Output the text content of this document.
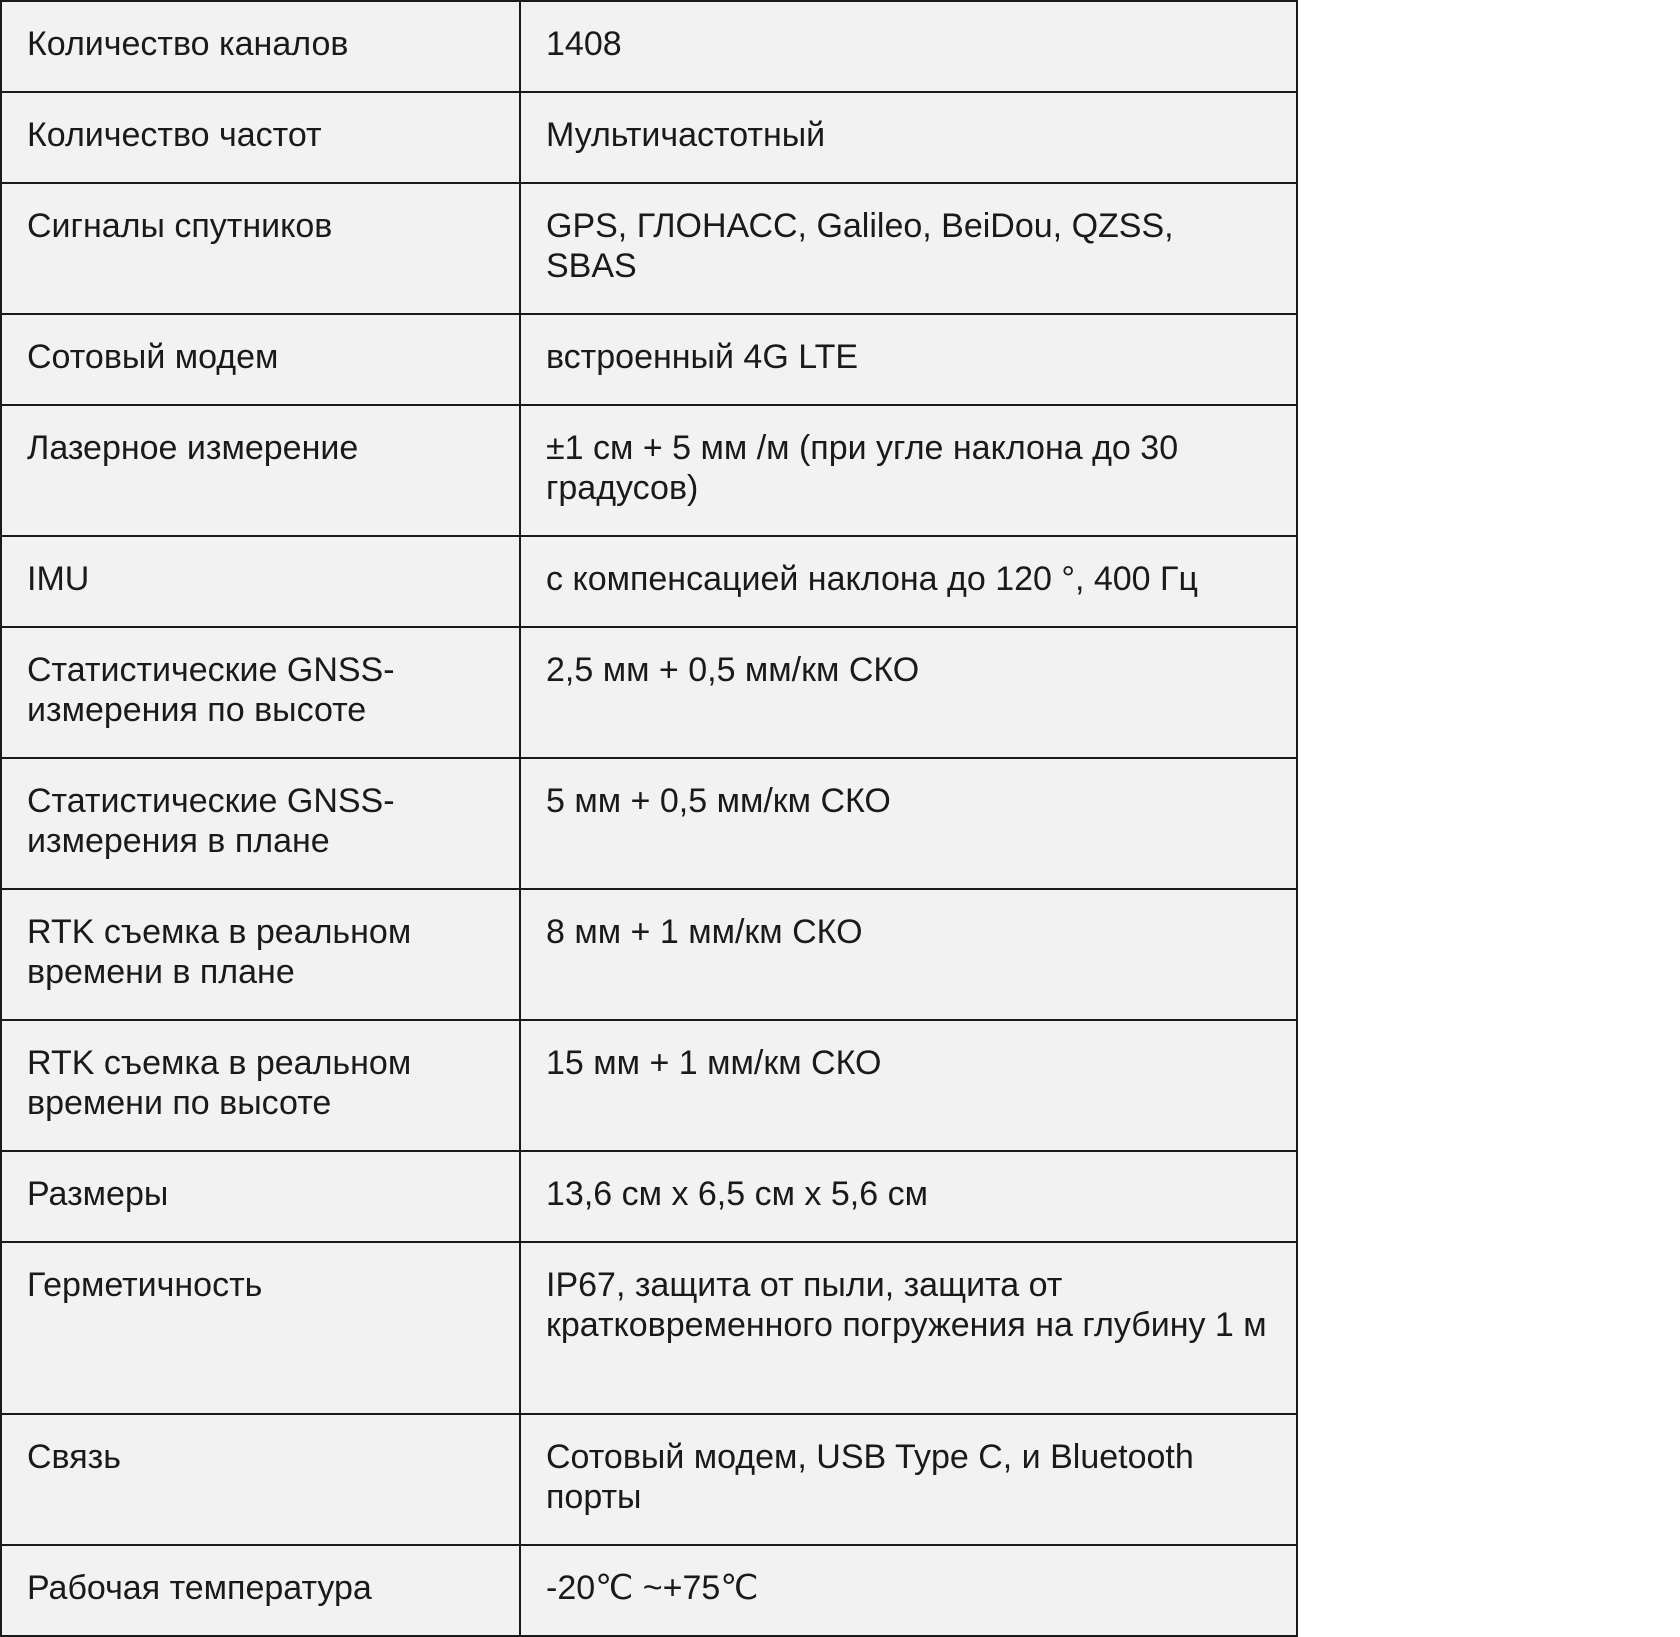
Количество каналов	1408
Количество частот	Мультичастотный
Сигналы спутников	GPS, ГЛОНАСС, Galileo, BeiDou, QZSS, SBAS
Сотовый модем	встроенный 4G LTE
Лазерное измерение	±1 см + 5 мм /м (при угле наклона до 30 градусов)
IMU	с компенсацией наклона до 120 °, 400 Гц
Статистические GNSS-измерения по высоте	2,5 мм + 0,5 мм/км СКО
Статистические GNSS-измерения в плане	5 мм + 0,5 мм/км СКО
RTK съемка в реальном времени в плане	8 мм + 1 мм/км СКО
RTK съемка в реальном времени по высоте	15 мм + 1 мм/км СКО
Размеры	13,6 см х 6,5 см х 5,6 см
Герметичность	IP67, защита от пыли, защита от кратковременного погружения на глубину 1 м
Связь	Сотовый модем, USB Type C, и Bluetooth порты
Рабочая температура	-20℃ ~+75℃
